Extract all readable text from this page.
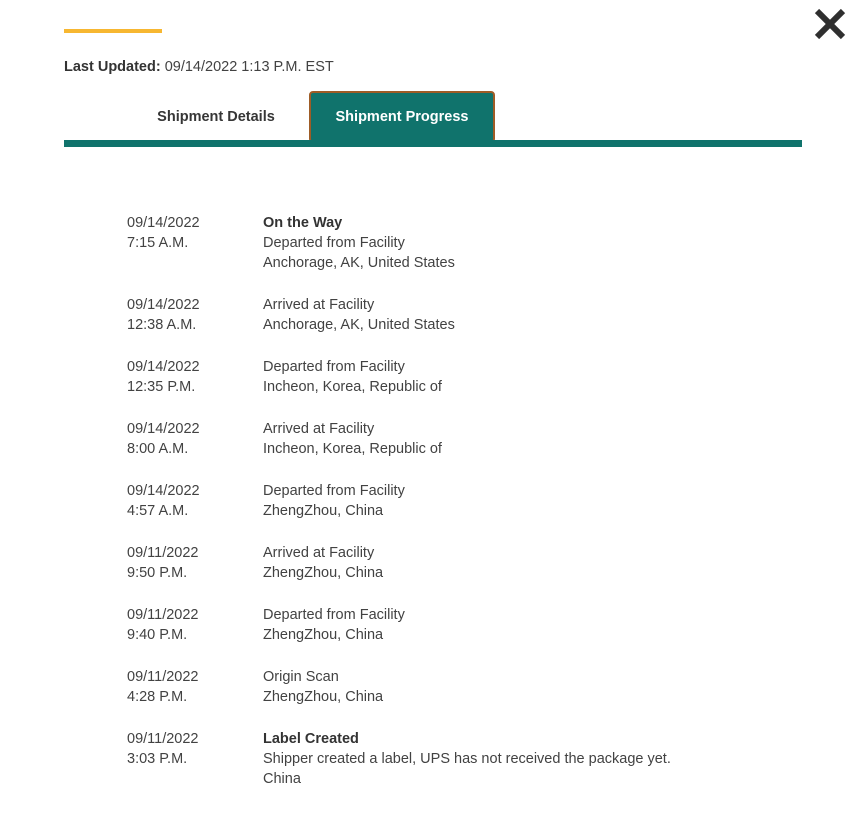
Last Updated: 09/14/2022 1:13 P.M. EST
Shipment Details	Shipment Progress
09/14/2022
7:15 A.M.
On the Way
Departed from Facility
Anchorage, AK, United States
09/14/2022
12:38 A.M.
Arrived at Facility
Anchorage, AK, United States
09/14/2022
12:35 P.M.
Departed from Facility
Incheon, Korea, Republic of
09/14/2022
8:00 A.M.
Arrived at Facility
Incheon, Korea, Republic of
09/14/2022
4:57 A.M.
Departed from Facility
ZhengZhou, China
09/11/2022
9:50 P.M.
Arrived at Facility
ZhengZhou, China
09/11/2022
9:40 P.M.
Departed from Facility
ZhengZhou, China
09/11/2022
4:28 P.M.
Origin Scan
ZhengZhou, China
09/11/2022
3:03 P.M.
Label Created
Shipper created a label, UPS has not received the package yet.
China
